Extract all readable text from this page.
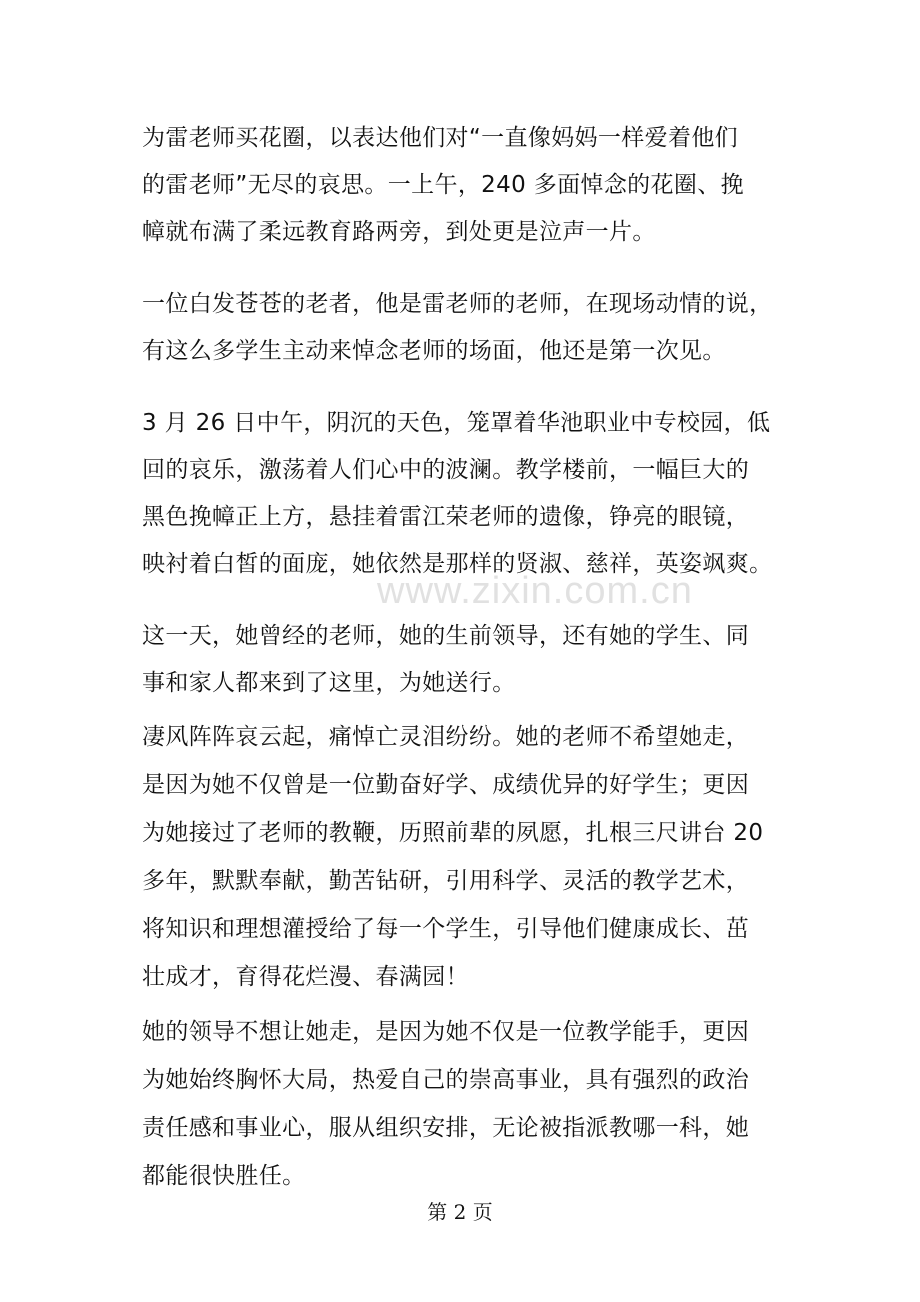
为雷老师买花圈，以表达他们对“一直像妈妈一样爱着他们
的雷老师”无尽的哀思。一上午，240 多面悼念的花圈、挽
幛就布满了柔远教育路两旁，到处更是泣声一片。
一位白发苍苍的老者，他是雷老师的老师，在现场动情的说，
有这么多学生主动来悼念老师的场面，他还是第一次见。
3 月 26 日中午，阴沉的天色，笼罩着华池职业中专校园，低
回的哀乐，激荡着人们心中的波澜。教学楼前，一幅巨大的
黑色挽幛正上方，悬挂着雷江荣老师的遗像，铮亮的眼镜，
映衬着白皙的面庞，她依然是那样的贤淑、慈祥，英姿飒爽。
这一天，她曾经的老师，她的生前领导，还有她的学生、同
事和家人都来到了这里，为她送行。
凄风阵阵哀云起，痛悼亡灵泪纷纷。她的老师不希望她走，
是因为她不仅曾是一位勤奋好学、成绩优异的好学生；更因
为她接过了老师的教鞭，历照前辈的夙愿，扎根三尺讲台 20
多年，默默奉献，勤苦钻研，引用科学、灵活的教学艺术，
将知识和理想灌授给了每一个学生，引导他们健康成长、茁
壮成才，育得花烂漫、春满园！
她的领导不想让她走，是因为她不仅是一位教学能手，更因
为她始终胸怀大局，热爱自己的崇高事业，具有强烈的政治
责任感和事业心，服从组织安排，无论被指派教哪一科，她
都能很快胜任。
www.zixin.com.cn
第 2 页
